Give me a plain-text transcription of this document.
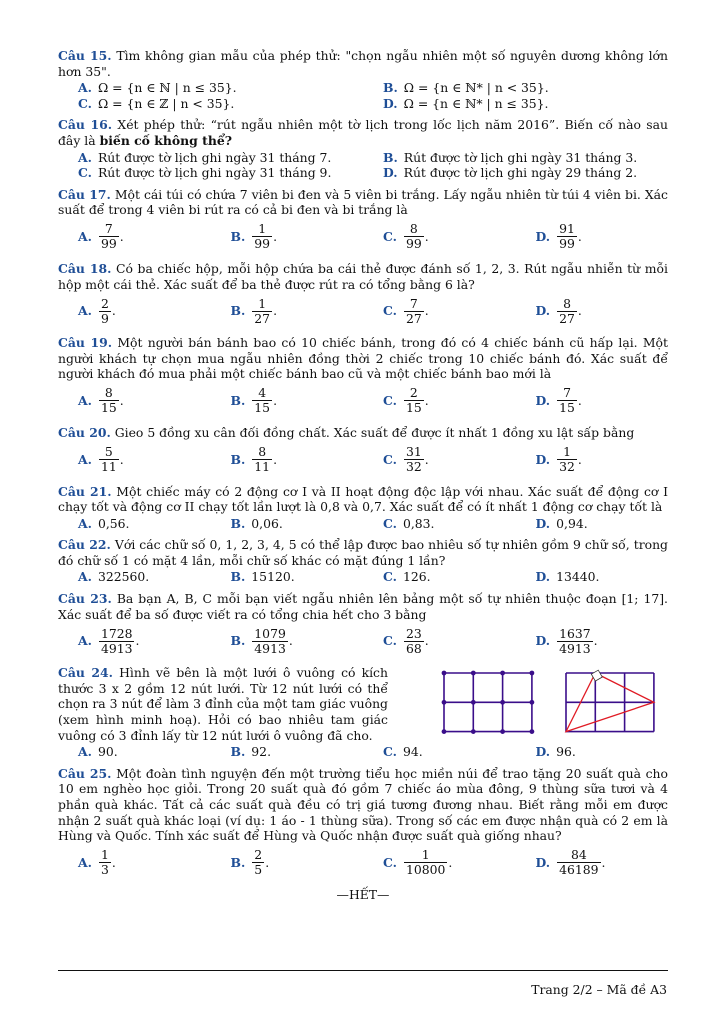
Câu 15. Tìm không gian mẫu của phép thử: "chọn ngẫu nhiên một số nguyên dương không lớn hơn 35".
A. Ω = {n ∈ ℕ | n ≤ 35}.	B. Ω = {n ∈ ℕ* | n < 35}.
C. Ω = {n ∈ ℤ | n < 35}.	D. Ω = {n ∈ ℕ* | n ≤ 35}.
Câu 16. Xét phép thử: “rút ngẫu nhiên một tờ lịch trong lốc lịch năm 2016”. Biến cố nào sau đây là biến cố không thể?
A. Rút được tờ lịch ghi ngày 31 tháng 7.	B. Rút được tờ lịch ghi ngày 31 tháng 3.
C. Rút được tờ lịch ghi ngày 31 tháng 9.	D. Rút được tờ lịch ghi ngày 29 tháng 2.
Câu 17. Một cái túi có chứa 7 viên bi đen và 5 viên bi trắng. Lấy ngẫu nhiên từ túi 4 viên bi. Xác suất để trong 4 viên bi rút ra có cả bi đen và bi trắng là
A. $\frac{7}{99}$ .	B. $\frac{1}{99}$ .	C. $\frac{8}{99}$ .	D. $\frac{91}{99}$ .
Câu 18. Có ba chiếc hộp, mỗi hộp chứa ba cái thẻ được đánh số 1, 2, 3. Rút ngẫu nhiễn từ mỗi hộp một cái thẻ. Xác suất để ba thẻ được rút ra có tổng bằng 6 là?
A. $\frac{2}{9}$ .	B. $\frac{1}{27}$ .	C. $\frac{7}{27}$ .	D. $\frac{8}{27}$ .
Câu 19. Một người bán bánh bao có 10 chiếc bánh, trong đó có 4 chiếc bánh cũ hấp lại. Một người khách tự chọn mua ngẫu nhiên đồng thời 2 chiếc trong 10 chiếc bánh đó. Xác suất để người khách đó mua phải một chiếc bánh bao cũ và một chiếc bánh bao mới là
A. $\frac{8}{15}$ .	B. $\frac{4}{15}$ .	C. $\frac{2}{15}$ .	D. $\frac{7}{15}$ .
Câu 20. Gieo 5 đồng xu cân đối đồng chất. Xác suất để được ít nhất 1 đồng xu lật sấp bằng
A. $\frac{5}{11}$ .	B. $\frac{8}{11}$ .	C. $\frac{31}{32}$ .	D. $\frac{1}{32}$ .
Câu 21. Một chiếc máy có 2 động cơ I và II hoạt động độc lập với nhau. Xác suất để động cơ I chạy tốt và động cơ II chạy tốt lần lượt là 0,8 và 0,7. Xác suất để có ít nhất 1 động cơ chạy tốt là
A. 0,56.	B. 0,06.	C. 0,83.	D. 0,94.
Câu 22. Với các chữ số 0, 1, 2, 3, 4, 5 có thể lập được bao nhiêu số tự nhiên gồm 9 chữ số, trong đó chữ số 1 có mặt 4 lần, mỗi chữ số khác có mặt đúng 1 lần?
A. 322560.	B. 15120.	C. 126.	D. 13440.
Câu 23. Ba bạn A, B, C mỗi bạn viết ngẫu nhiên lên bảng một số tự nhiên thuộc đoạn [1; 17]. Xác suất để ba số được viết ra có tổng chia hết cho 3 bằng
A. $\frac{1728}{4913}$ .	B. $\frac{1079}{4913}$ .	C. $\frac{23}{68}$ .	D. $\frac{1637}{4913}$ .
Câu 24. Hình vẽ bên là một lưới ô vuông có kích thước 3 x 2 gồm 12 nút lưới. Từ 12 nút lưới có thể chọn ra 3 nút để làm 3 đỉnh của một tam giác vuông (xem hình minh hoạ). Hỏi có bao nhiêu tam giác vuông có 3 đỉnh lấy từ 12 nút lưới ô vuông đã cho.
A. 90.	B. 92.	C. 94.	D. 96.
Câu 25. Một đoàn tình nguyện đến một trường tiểu học miền núi để trao tặng 20 suất quà cho 10 em nghèo học giỏi. Trong 20 suất quà đó gồm 7 chiếc áo mùa đông, 9 thùng sữa tươi và 4 phần quà khác. Tất cả các suất quà đều có trị giá tương đương nhau. Biết rằng mỗi em được nhận 2 suất quà khác loại (ví dụ: 1 áo - 1 thùng sữa). Trong số các em được nhận quà có 2 em là Hùng và Quốc. Tính xác suất để Hùng và Quốc nhận được suất quà giống nhau?
A. $\frac{1}{3}$ .	B. $\frac{2}{5}$ .	C. $\frac{1}{10800}$ .	D. $\frac{84}{46189}$ .
—HẾT—
Trang 2/2 – Mã đề A3
